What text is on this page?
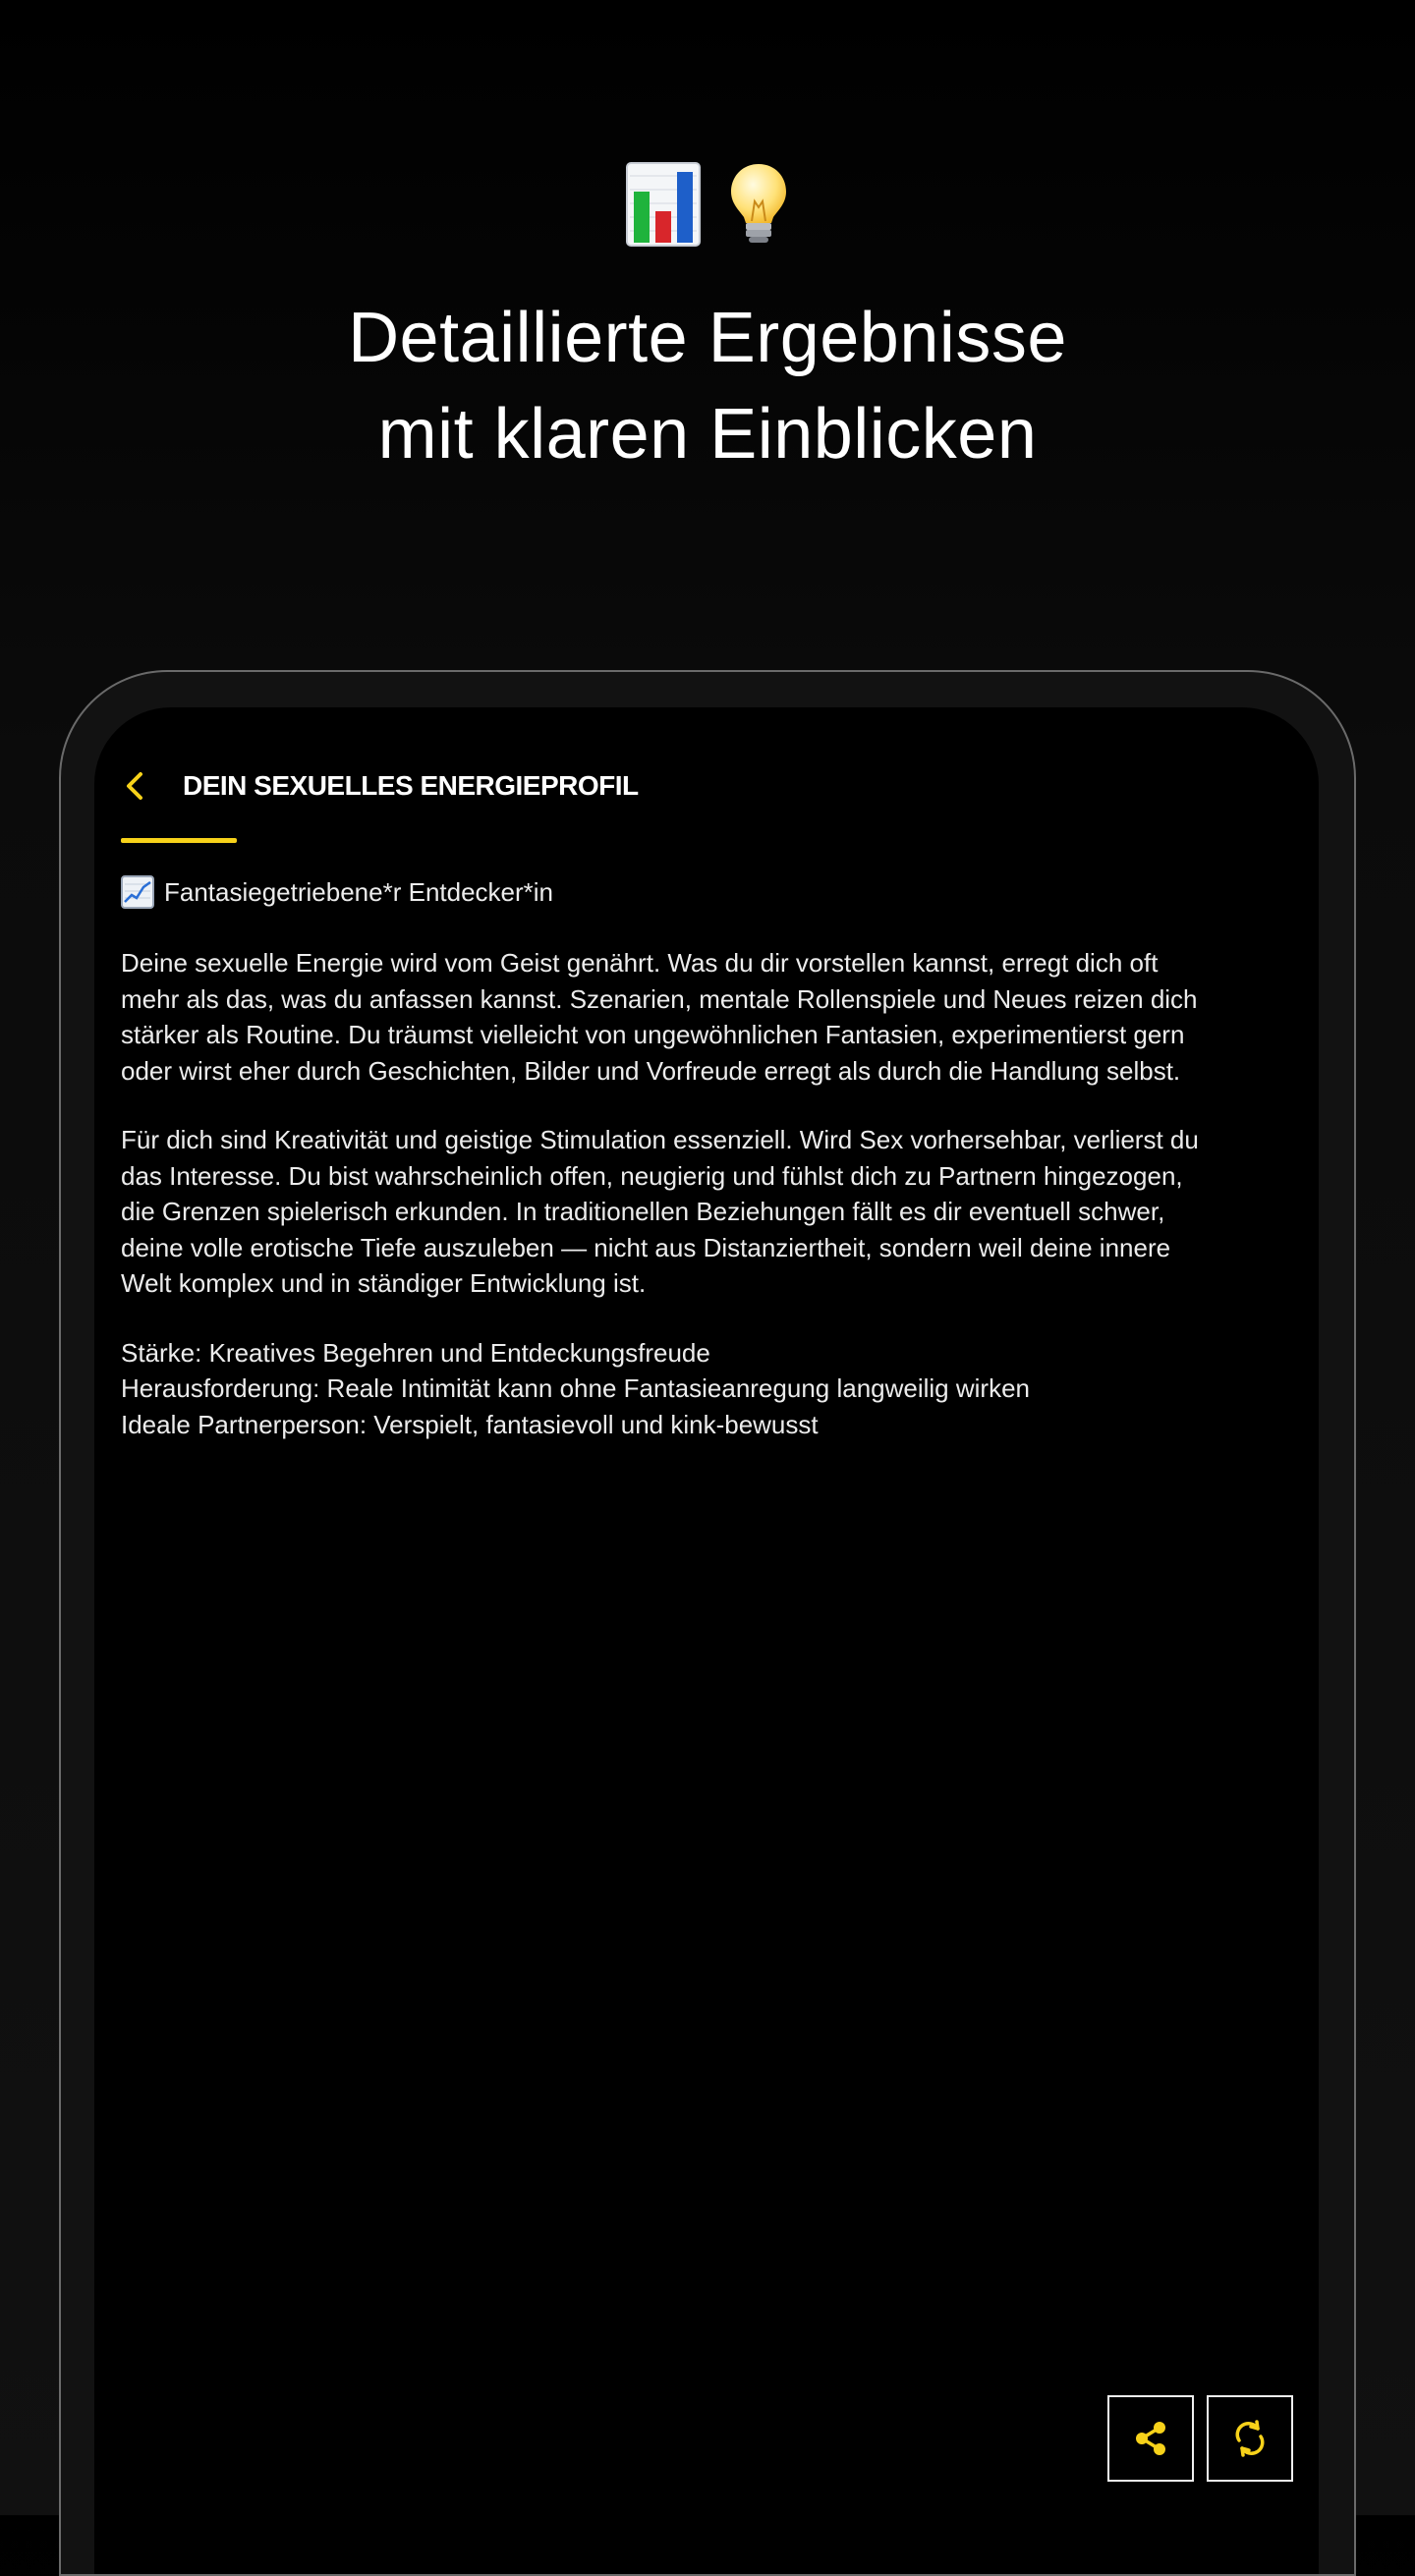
Detaillierte Ergebnisse
mit klaren Einblicken
DEIN SEXUELLES ENERGIEPROFIL
Fantasiegetriebene*r Entdecker*in
Deine sexuelle Energie wird vom Geist genährt. Was du dir vorstellen kannst, erregt dich oft
mehr als das, was du anfassen kannst. Szenarien, mentale Rollenspiele und Neues reizen dich
stärker als Routine. Du träumst vielleicht von ungewöhnlichen Fantasien, experimentierst gern
oder wirst eher durch Geschichten, Bilder und Vorfreude erregt als durch die Handlung selbst.
Für dich sind Kreativität und geistige Stimulation essenziell. Wird Sex vorhersehbar, verlierst du
das Interesse. Du bist wahrscheinlich offen, neugierig und fühlst dich zu Partnern hingezogen,
die Grenzen spielerisch erkunden. In traditionellen Beziehungen fällt es dir eventuell schwer,
deine volle erotische Tiefe auszuleben — nicht aus Distanziertheit, sondern weil deine innere
Welt komplex und in ständiger Entwicklung ist.
Stärke: Kreatives Begehren und Entdeckungsfreude
Herausforderung: Reale Intimität kann ohne Fantasieanregung langweilig wirken
Ideale Partnerperson: Verspielt, fantasievoll und kink-bewusst
